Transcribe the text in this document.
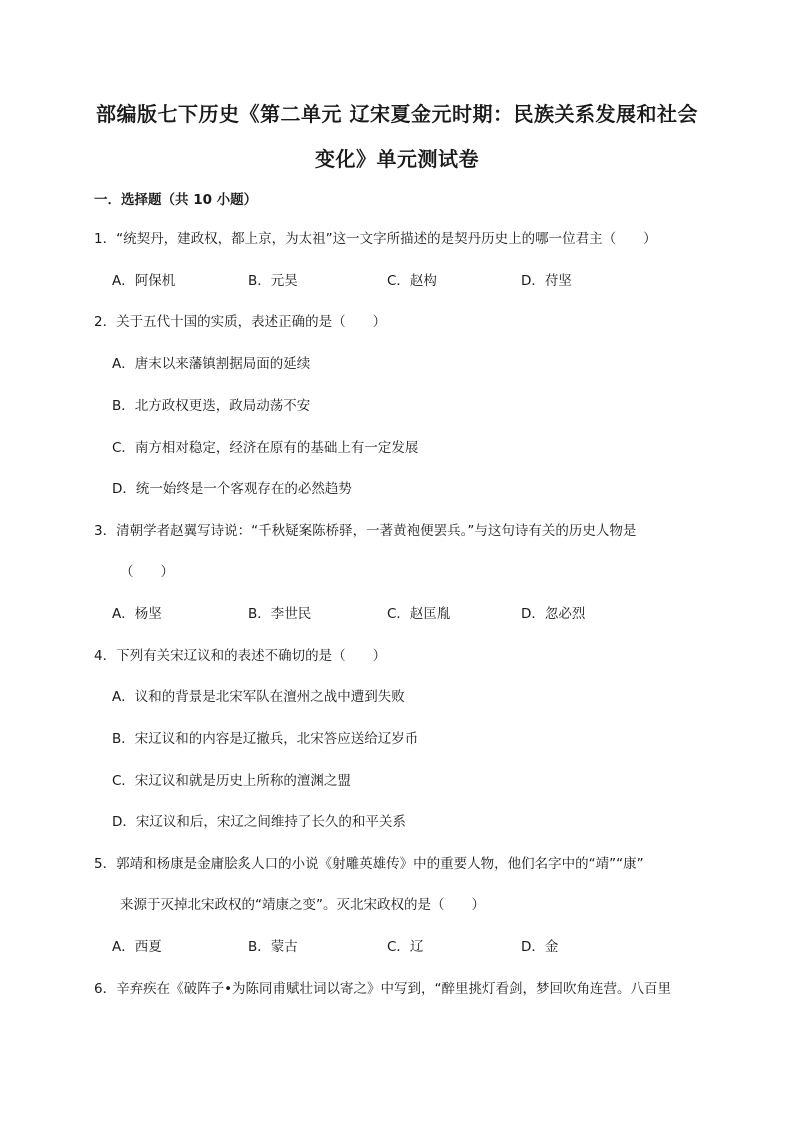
部编版七下历史《第二单元 辽宋夏金元时期：民族关系发展和社会
变化》单元测试卷
一．选择题（共 10 小题）
1．“统契丹，建政权，都上京，为太祖”这一文字所描述的是契丹历史上的哪一位君主（　　）
A．阿保机	B．元昊	C．赵构	D．苻坚
2．关于五代十国的实质，表述正确的是（　　）
A．唐末以来藩镇割据局面的延续
B．北方政权更迭，政局动荡不安
C．南方相对稳定，经济在原有的基础上有一定发展
D．统一始终是一个客观存在的必然趋势
3．清朝学者赵翼写诗说：“千秋疑案陈桥驿，一著黄袍便罢兵。”与这句诗有关的历史人物是
（　　）
A．杨坚	B．李世民	C．赵匡胤	D．忽必烈
4．下列有关宋辽议和的表述不确切的是（　　）
A．议和的背景是北宋军队在澶州之战中遭到失败
B．宋辽议和的内容是辽撤兵，北宋答应送给辽岁币
C．宋辽议和就是历史上所称的澶渊之盟
D．宋辽议和后，宋辽之间维持了长久的和平关系
5．郭靖和杨康是金庸脍炙人口的小说《射雕英雄传》中的重要人物，他们名字中的“靖”“康”
来源于灭掉北宋政权的“靖康之变”。灭北宋政权的是（　　）
A．西夏	B．蒙古	C．辽	D．金
6．辛弃疾在《破阵子•为陈同甫赋壮词以寄之》中写到，“醉里挑灯看剑，梦回吹角连营。八百里
